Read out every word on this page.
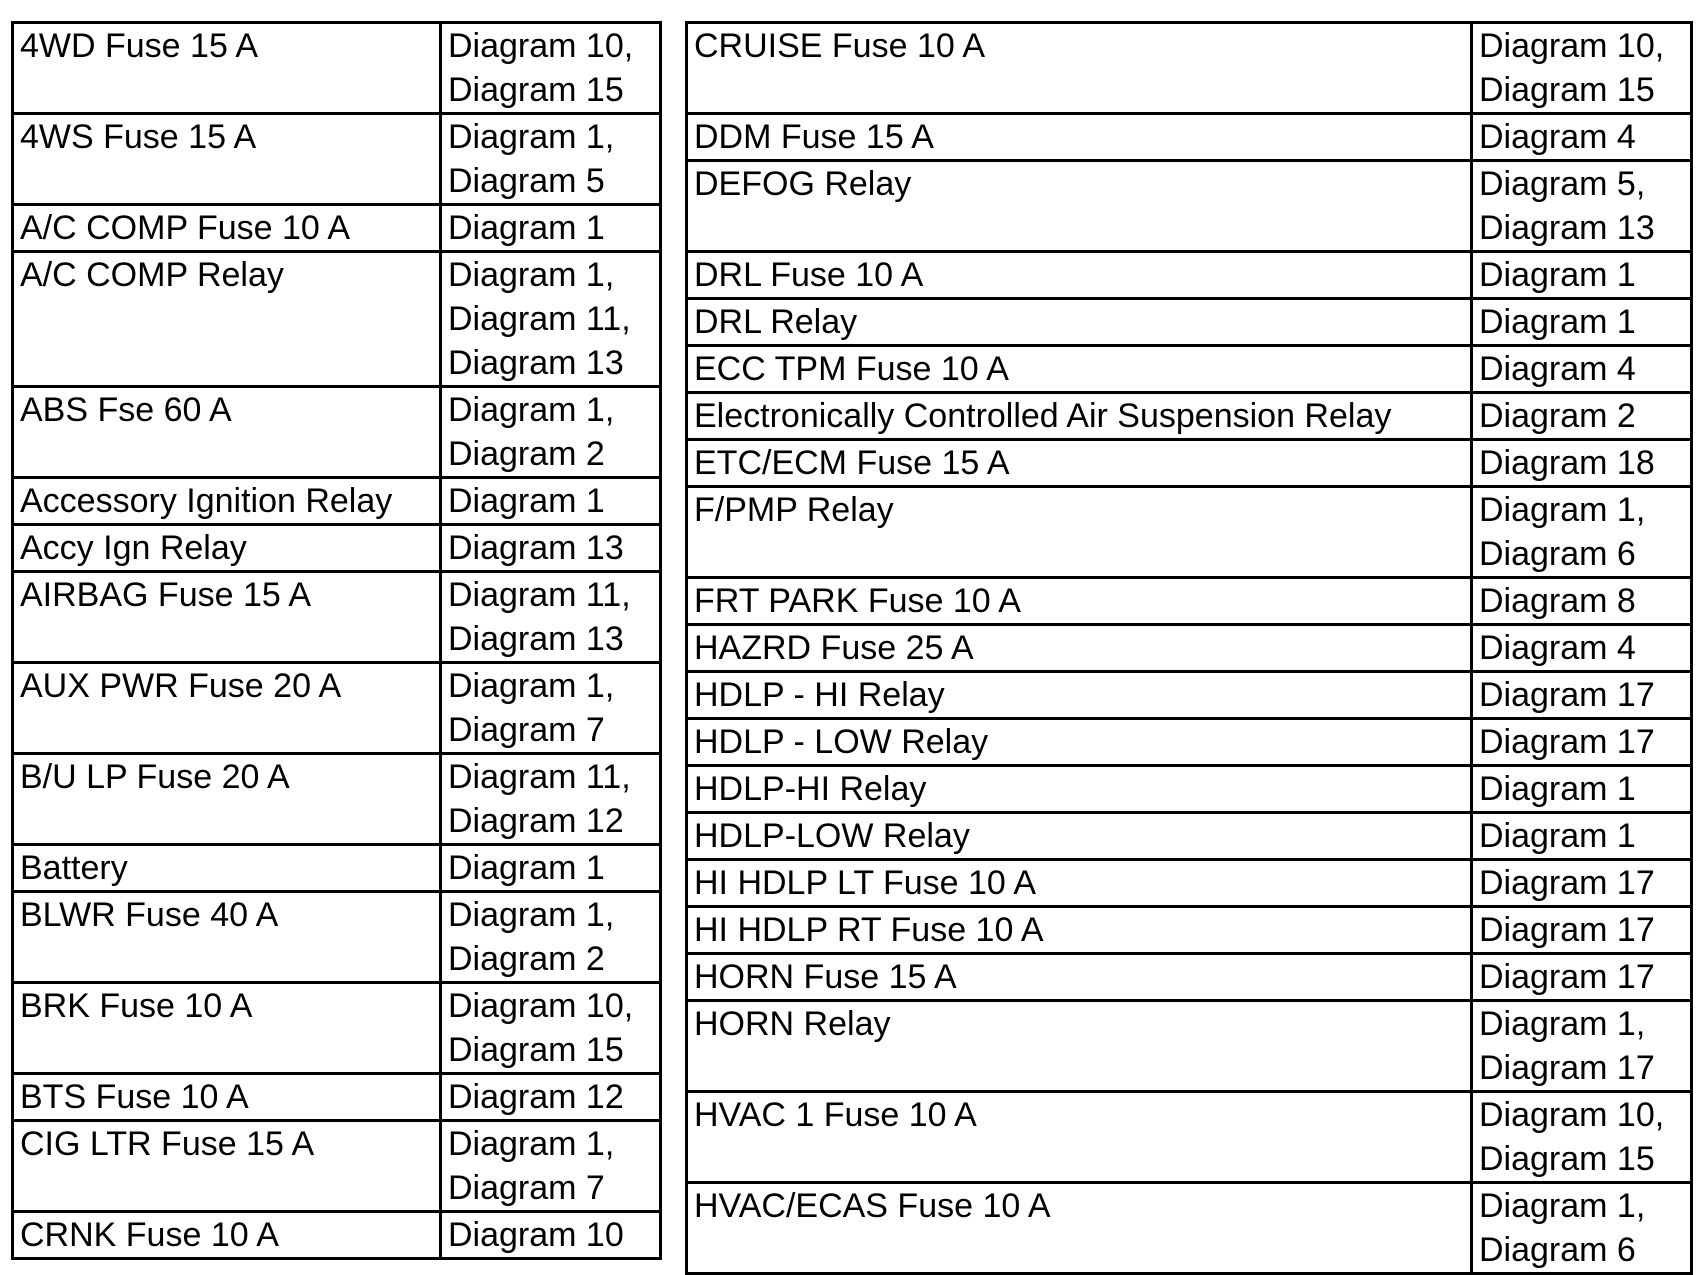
4WD Fuse 15 A	Diagram 10,
Diagram 15

4WS Fuse 15 A	Diagram 1,
Diagram 5

A/C COMP Fuse 10 A	Diagram 1

A/C COMP Relay	Diagram 1,
Diagram 11,
Diagram 13

ABS Fse 60 A	Diagram 1,
Diagram 2

Accessory Ignition Relay	Diagram 1

Accy Ign Relay	Diagram 13

AIRBAG Fuse 15 A	Diagram 11,
Diagram 13

AUX PWR Fuse 20 A	Diagram 1,
Diagram 7

B/U LP Fuse 20 A	Diagram 11,
Diagram 12

Battery	Diagram 1

BLWR Fuse 40 A	Diagram 1,
Diagram 2

BRK Fuse 10 A	Diagram 10,
Diagram 15

BTS Fuse 10 A	Diagram 12

CIG LTR Fuse 15 A	Diagram 1,
Diagram 7

CRNK Fuse 10 A	Diagram 10
CRUISE Fuse 10 A	Diagram 10,
Diagram 15

DDM Fuse 15 A	Diagram 4

DEFOG Relay	Diagram 5,
Diagram 13

DRL Fuse 10 A	Diagram 1

DRL Relay	Diagram 1

ECC TPM Fuse 10 A	Diagram 4

Electronically Controlled Air Suspension Relay	Diagram 2

ETC/ECM Fuse 15 A	Diagram 18

F/PMP Relay	Diagram 1,
Diagram 6

FRT PARK Fuse 10 A	Diagram 8

HAZRD Fuse 25 A	Diagram 4

HDLP - HI Relay	Diagram 17

HDLP - LOW Relay	Diagram 17

HDLP-HI Relay	Diagram 1

HDLP-LOW Relay	Diagram 1

HI HDLP LT Fuse 10 A	Diagram 17

HI HDLP RT Fuse 10 A	Diagram 17

HORN Fuse 15 A	Diagram 17

HORN Relay	Diagram 1,
Diagram 17

HVAC 1 Fuse 10 A	Diagram 10,
Diagram 15

HVAC/ECAS Fuse 10 A	Diagram 1,
Diagram 6
